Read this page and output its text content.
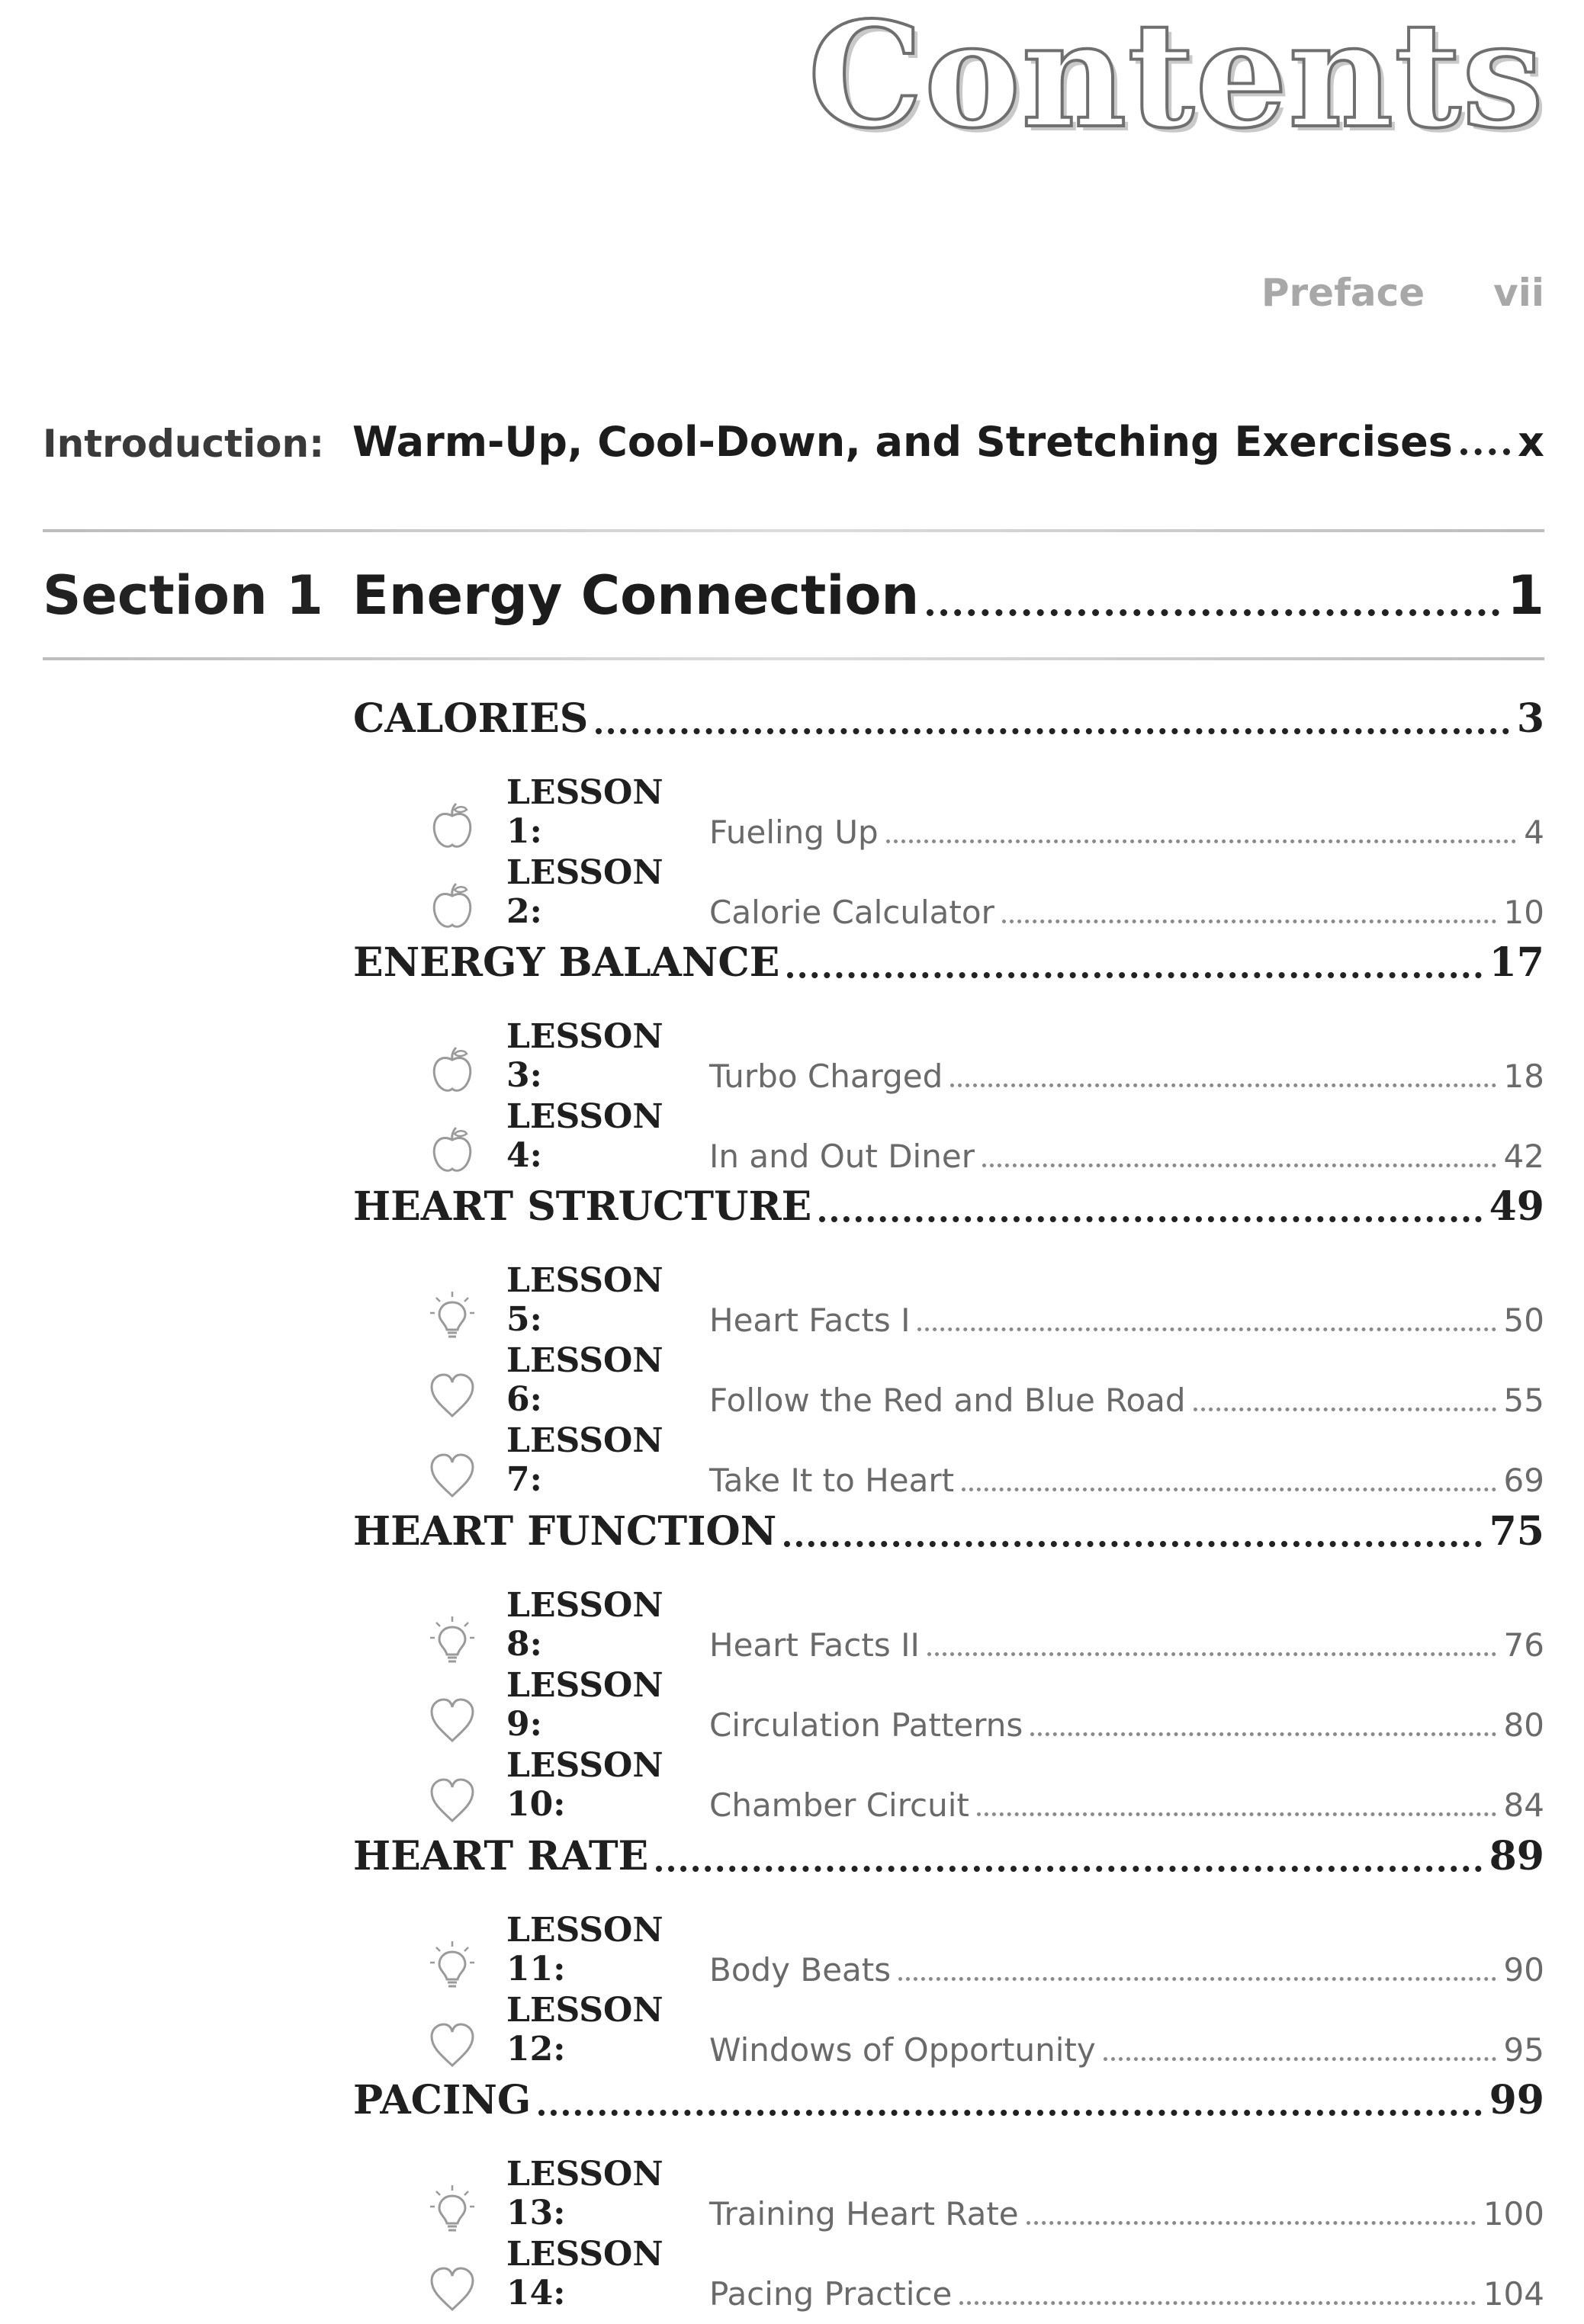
Contents
Preface vii
Introduction: Warm-Up, Cool-Down, and Stretching Exercises x
Section 1 Energy Connection	1
CALORIES	3
LESSON 1:	Fueling Up	4
LESSON 2:	Calorie Calculator	10
ENERGY BALANCE	17
LESSON 3:	Turbo Charged	18
LESSON 4:	In and Out Diner	42
HEART STRUCTURE	49
LESSON 5:	Heart Facts I	50
LESSON 6:	Follow the Red and Blue Road	55
LESSON 7:	Take It to Heart	69
HEART FUNCTION	75
LESSON 8:	Heart Facts II	76
LESSON 9:	Circulation Patterns	80
LESSON 10:	Chamber Circuit	84
HEART RATE	89
LESSON 11:	Body Beats	90
LESSON 12:	Windows of Opportunity	95
PACING	99
LESSON 13:	Training Heart Rate	100
LESSON 14:	Pacing Practice	104
